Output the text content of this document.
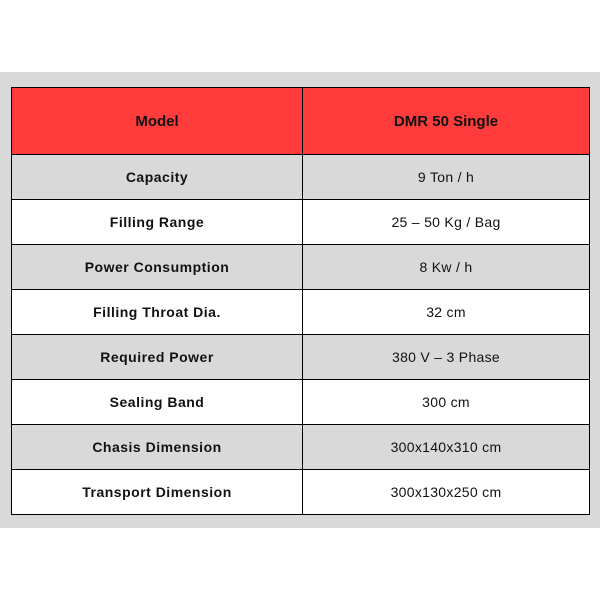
Model	DMR 50 Single
Capacity	9 Ton / h
Filling Range	25 – 50 Kg / Bag
Power Consumption	8 Kw / h
Filling Throat Dia.	32 cm
Required Power	380 V – 3 Phase
Sealing Band	300 cm
Chasis Dimension	300x140x310 cm
Transport Dimension	300x130x250 cm
